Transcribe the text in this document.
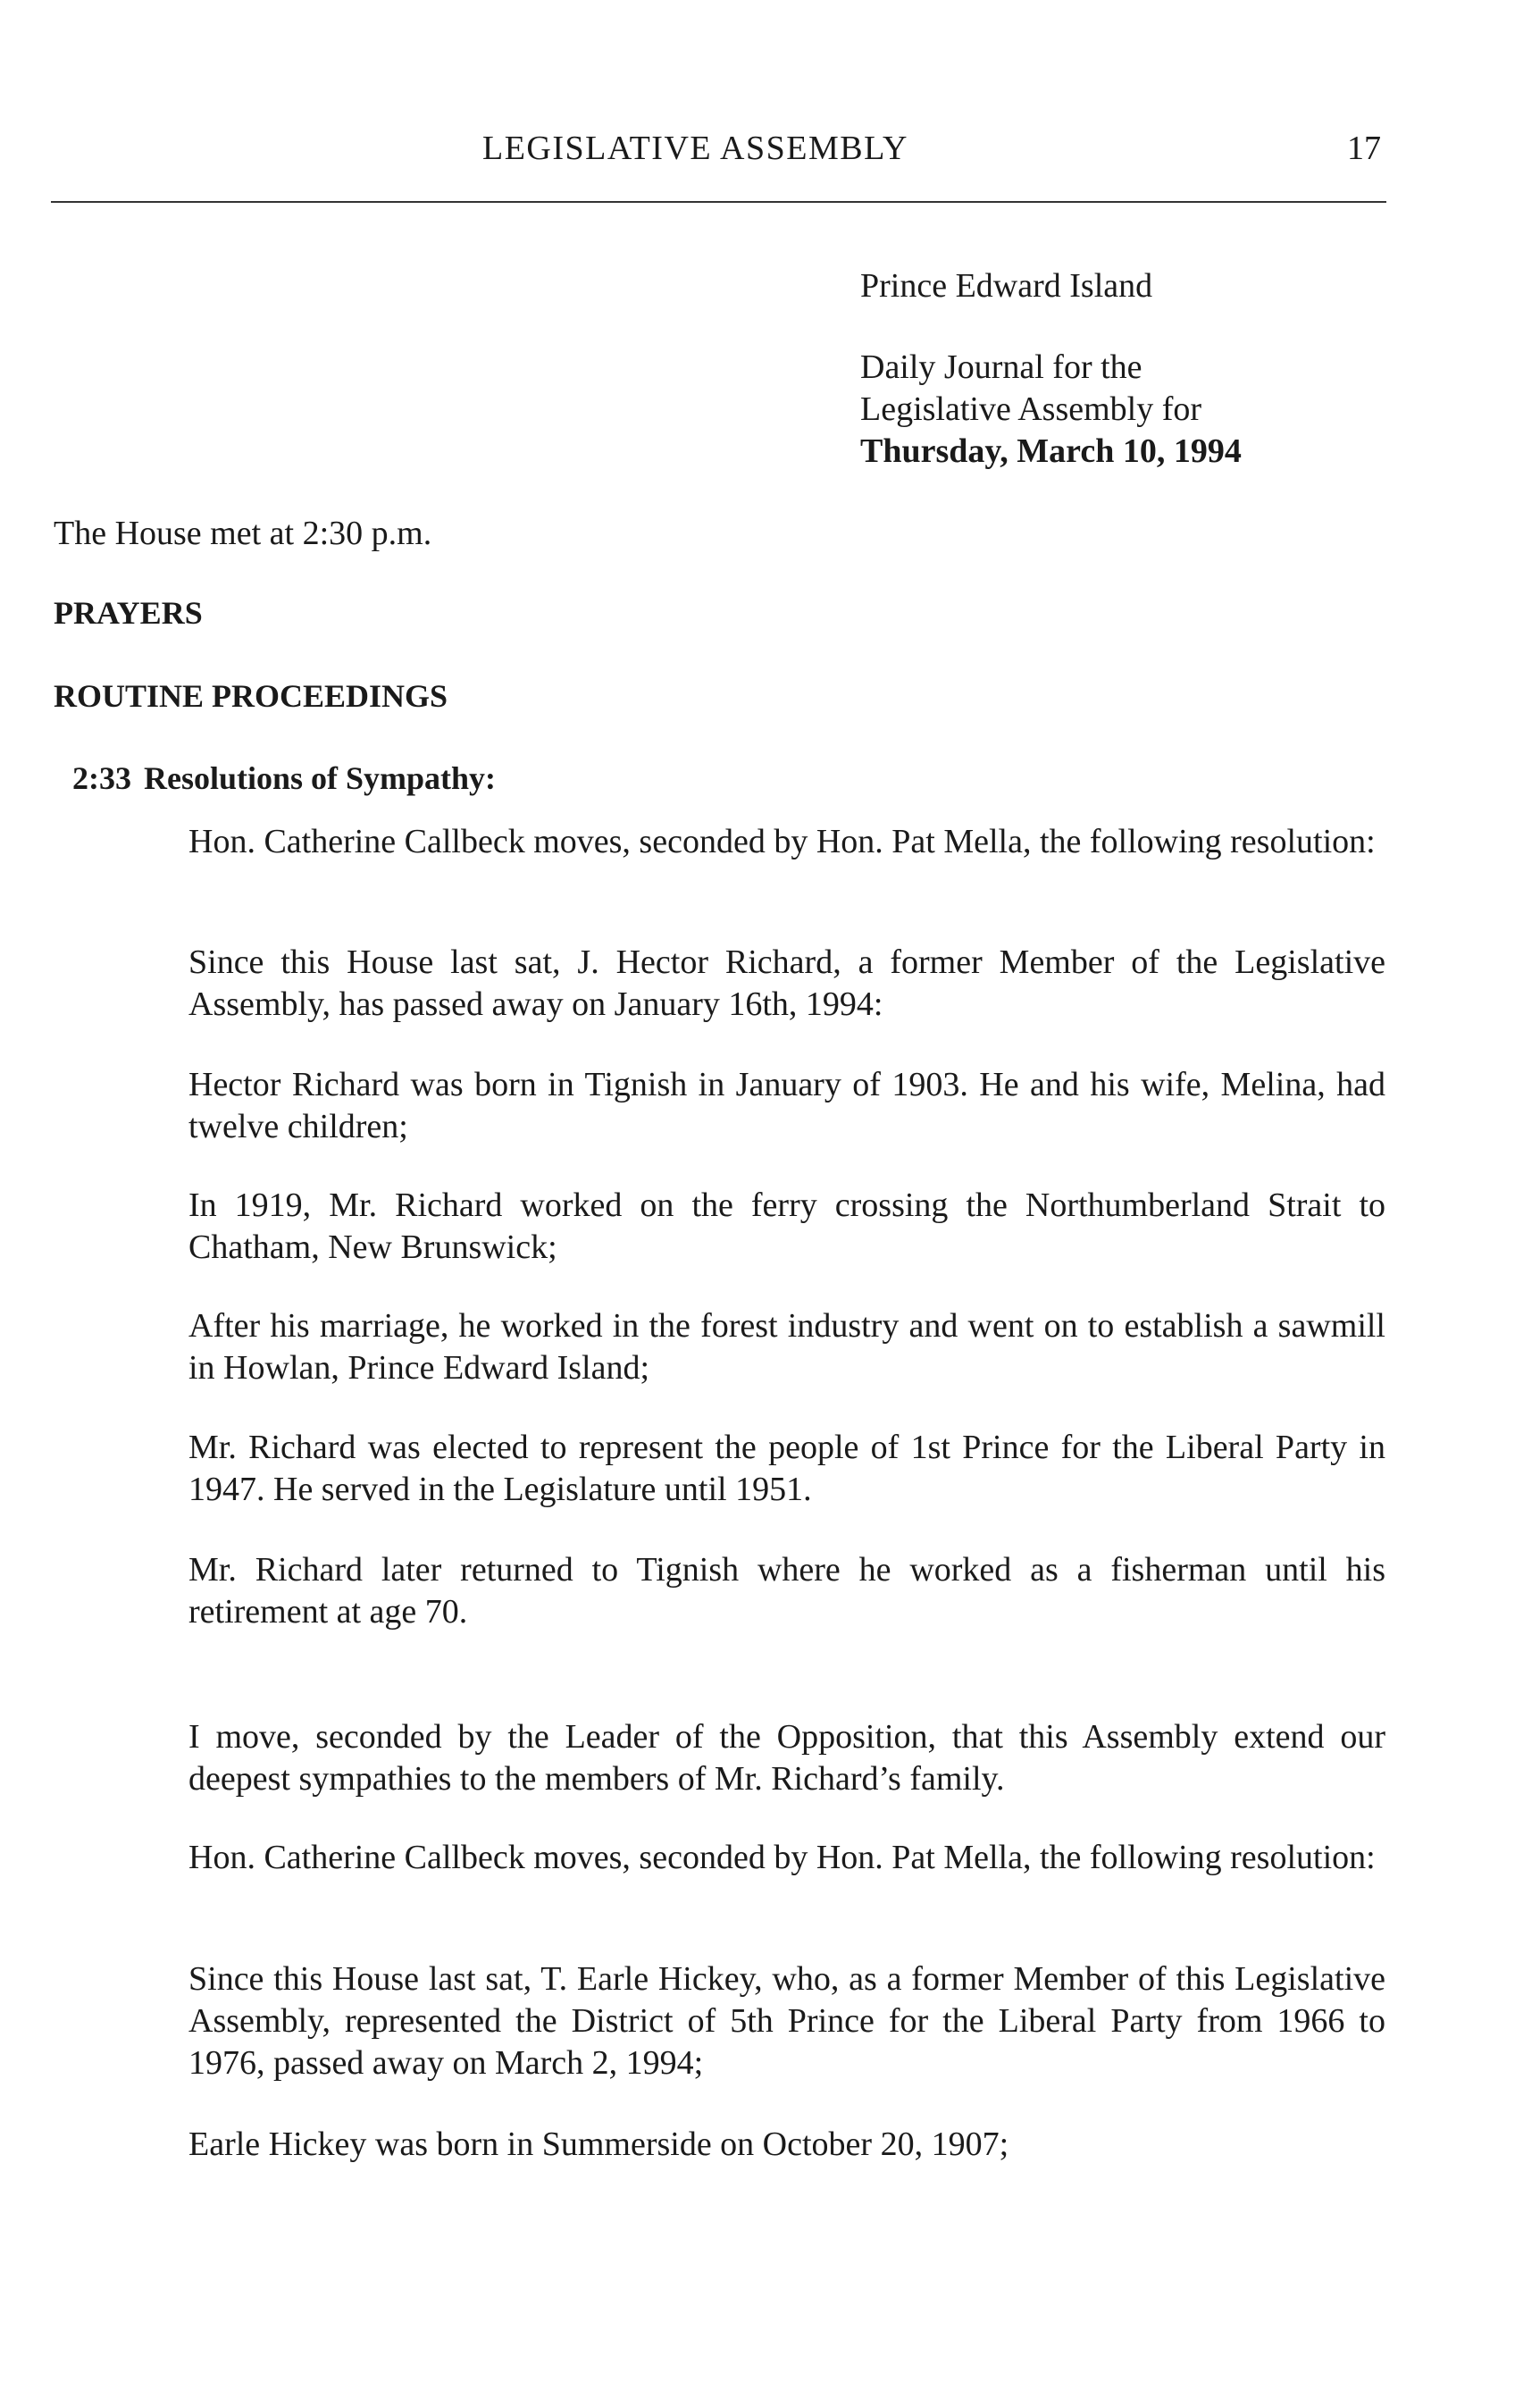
LEGISLATIVE ASSEMBLY	17
Prince Edward Island
Daily Journal for the
Legislative Assembly for
Thursday, March 10, 1994
The House met at 2:30 p.m.
PRAYERS
ROUTINE PROCEEDINGS
2:33 Resolutions of Sympathy:

Hon. Catherine Callbeck moves, seconded by Hon. Pat Mella, the following resolution:

Since this House last sat, J. Hector Richard, a former Member of the Legislative Assembly, has passed away on January 16th, 1994:

Hector Richard was born in Tignish in January of 1903. He and his wife, Melina, had twelve children;

In 1919, Mr. Richard worked on the ferry crossing the Northumberland Strait to Chatham, New Brunswick;

After his marriage, he worked in the forest industry and went on to establish a sawmill in Howlan, Prince Edward Island;

Mr. Richard was elected to represent the people of 1st Prince for the Liberal Party in 1947. He served in the Legislature until 1951.

Mr. Richard later returned to Tignish where he worked as a fisherman until his retirement at age 70.

I move, seconded by the Leader of the Opposition, that this Assembly extend our deepest sympathies to the members of Mr. Richard’s family.

Hon. Catherine Callbeck moves, seconded by Hon. Pat Mella, the following resolution:

Since this House last sat, T. Earle Hickey, who, as a former Member of this Legislative Assembly, represented the District of 5th Prince for the Liberal Party from 1966 to 1976, passed away on March 2, 1994;

Earle Hickey was born in Summerside on October 20, 1907;
